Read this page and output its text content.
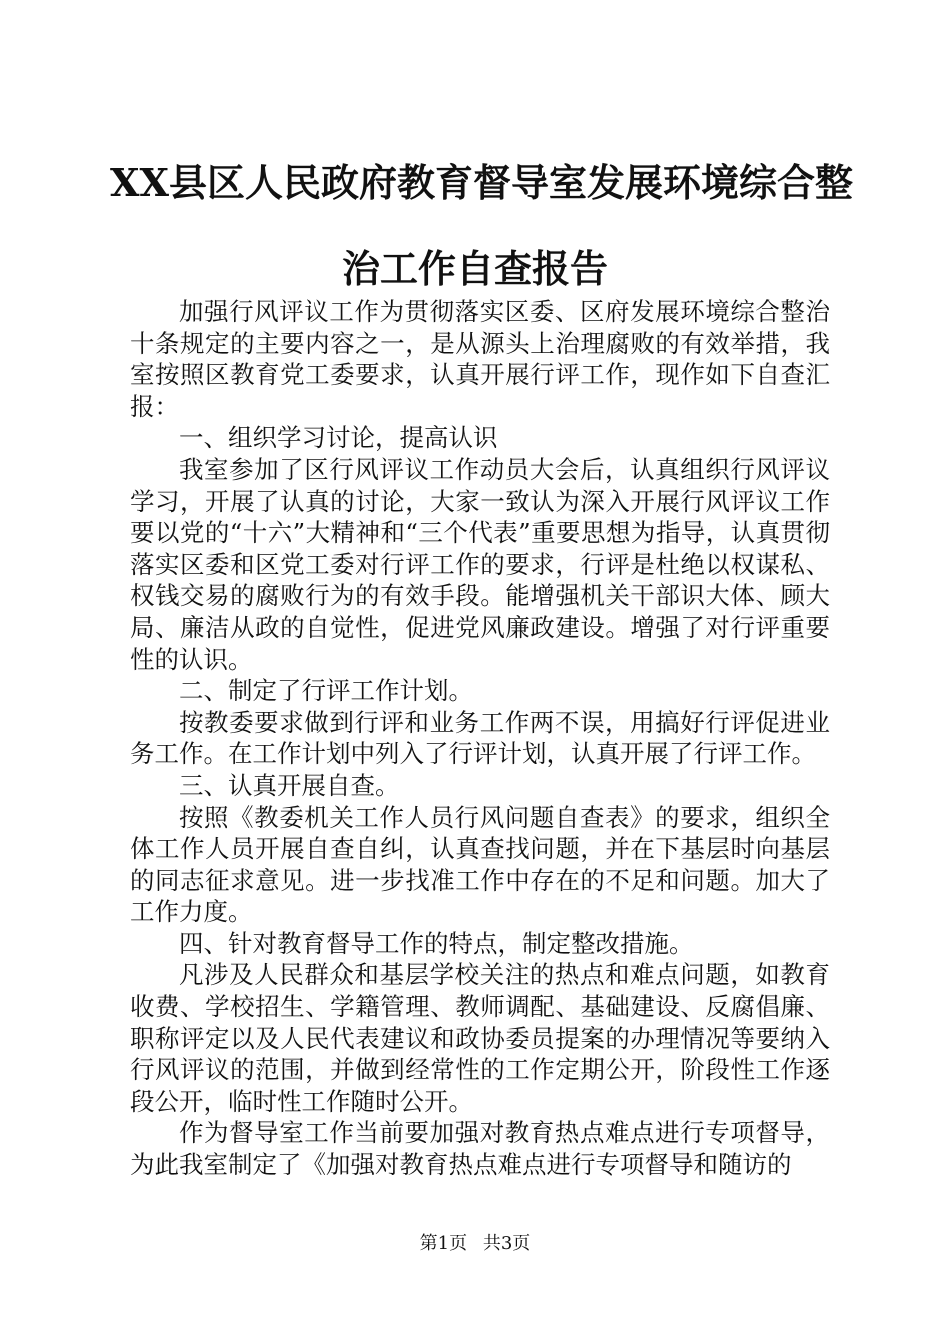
XX县区人民政府教育督导室发展环境综合整
治工作自查报告

加强行风评议工作为贯彻落实区委、区府发展环境综合整治十条规定的主要内容之一，是从源头上治理腐败的有效举措，我室按照区教育党工委要求，认真开展行评工作，现作如下自查汇报：

一、组织学习讨论，提高认识

我室参加了区行风评议工作动员大会后，认真组织行风评议学习，开展了认真的讨论，大家一致认为深入开展行风评议工作要以党的“十六”大精神和“三个代表”重要思想为指导，认真贯彻落实区委和区党工委对行评工作的要求，行评是杜绝以权谋私、权钱交易的腐败行为的有效手段。能增强机关干部识大体、顾大局、廉洁从政的自觉性，促进党风廉政建设。增强了对行评重要性的认识。

二、制定了行评工作计划。

按教委要求做到行评和业务工作两不误，用搞好行评促进业务工作。在工作计划中列入了行评计划，认真开展了行评工作。

三、认真开展自查。

按照《教委机关工作人员行风问题自查表》的要求，组织全体工作人员开展自查自纠，认真查找问题，并在下基层时向基层的同志征求意见。进一步找准工作中存在的不足和问题。加大了工作力度。

四、针对教育督导工作的特点，制定整改措施。

凡涉及人民群众和基层学校关注的热点和难点问题，如教育收费、学校招生、学籍管理、教师调配、基础建设、反腐倡廉、职称评定以及人民代表建议和政协委员提案的办理情况等要纳入行风评议的范围，并做到经常性的工作定期公开，阶段性工作逐段公开，临时性工作随时公开。

作为督导室工作当前要加强对教育热点难点进行专项督导，为此我室制定了《加强对教育热点难点进行专项督导和随访的

第1页 共3页
